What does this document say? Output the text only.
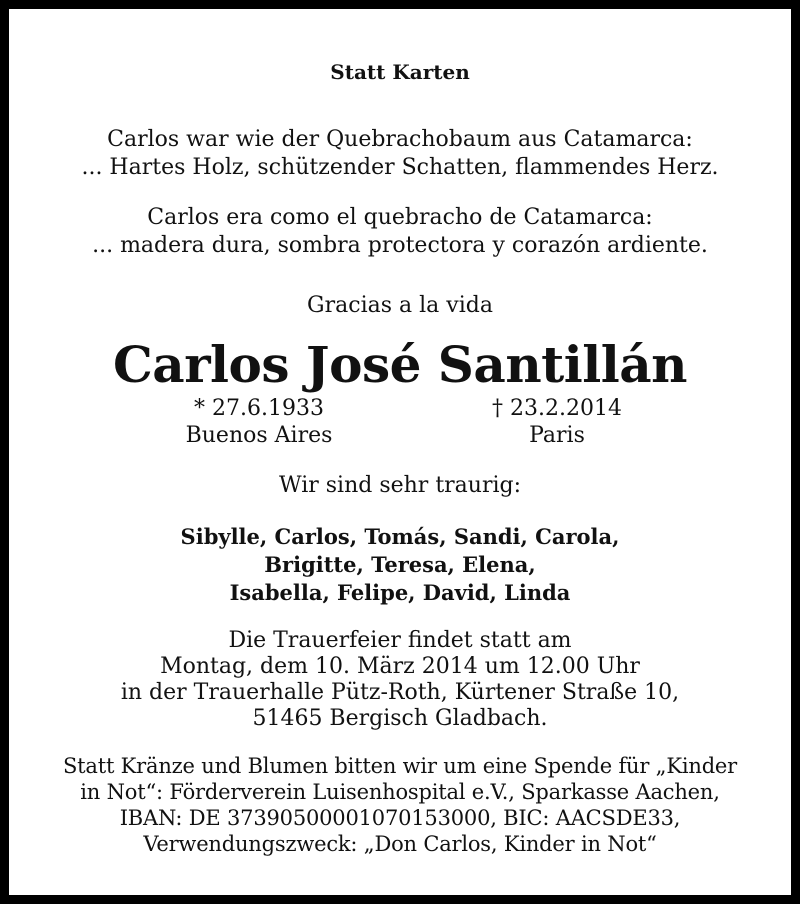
Statt Karten
Carlos war wie der Quebrachobaum aus Catamarca:
... Hartes Holz, schützender Schatten, flammendes Herz.
Carlos era como el quebracho de Catamarca:
... madera dura, sombra protectora y corazón ardiente.
Gracias a la vida
Carlos José Santillán
* 27.6.1933
Buenos Aires
† 23.2.2014
Paris
Wir sind sehr traurig:
Sibylle, Carlos, Tomás, Sandi, Carola,
Brigitte, Teresa, Elena,
Isabella, Felipe, David, Linda
Die Trauerfeier findet statt am
Montag, dem 10. März 2014 um 12.00 Uhr
in der Trauerhalle Pütz-Roth, Kürtener Straße 10,
51465 Bergisch Gladbach.
Statt Kränze und Blumen bitten wir um eine Spende für „Kinder
in Not“: Förderverein Luisenhospital e.V., Sparkasse Aachen,
IBAN: DE 37390500001070153000, BIC: AACSDE33,
Verwendungszweck: „Don Carlos, Kinder in Not“
